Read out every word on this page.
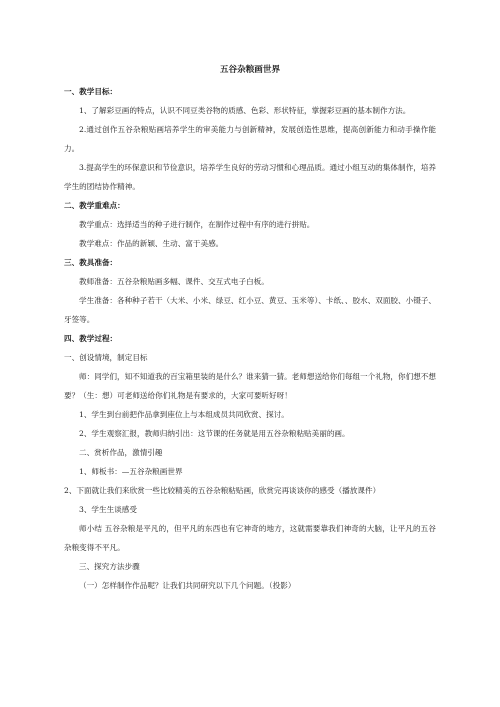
五谷杂粮画世界
一、教学目标：
1、了解彩豆画的特点，认识不同豆类谷物的质感、色彩、形状特征，掌握彩豆画的基本制作方法。
2.通过创作五谷杂粮贴画培养学生的审美能力与创新精神，发展创造性思维，提高创新能力和动手操作能力。
3.提高学生的环保意识和节俭意识，培养学生良好的劳动习惯和心理品质。通过小组互动的集体制作，培养学生的团结协作精神。
二、教学重难点：
教学重点：选择适当的种子进行制作，在制作过程中有序的进行拼贴。
教学难点：作品的新颖、生动、富于美感。
三、教具准备：
教师准备：五谷杂粮贴画多幅、课件、交互式电子白板。
学生准备：各种种子若干（大米、小米、绿豆、红小豆、黄豆、玉米等）、卡纸、、胶水、双面胶、小镊子、牙签等。
四、教学过程：
一、创设情境，制定目标
师：同学们，知不知道我的百宝箱里装的是什么？谁来猜一猜。老师想送给你们每组一个礼物，你们想不想要？（生：想）可老师送给你们礼物是有要求的，大家可要听好呀！
1、学生到台前把作品拿到座位上与本组成员共同欣赏、探讨。
2、学生观察汇报，教师归纳引出：这节课的任务就是用五谷杂粮粘贴美丽的画。
二、赏析作品，激情引趣
1、师板书：—五谷杂粮画世界
2、下面就让我们来欣赏一些比较精美的五谷杂粮粘贴画，欣赏完再谈谈你的感受（播放课件）
3、学生生谈感受
师小结 五谷杂粮是平凡的，但平凡的东西也有它神奇的地方，这就需要靠我们神奇的大脑，让平凡的五谷杂粮变得不平凡。
三、探究方法步骤
（一）怎样制作作品呢？让我们共同研究以下几个问题。（投影）
